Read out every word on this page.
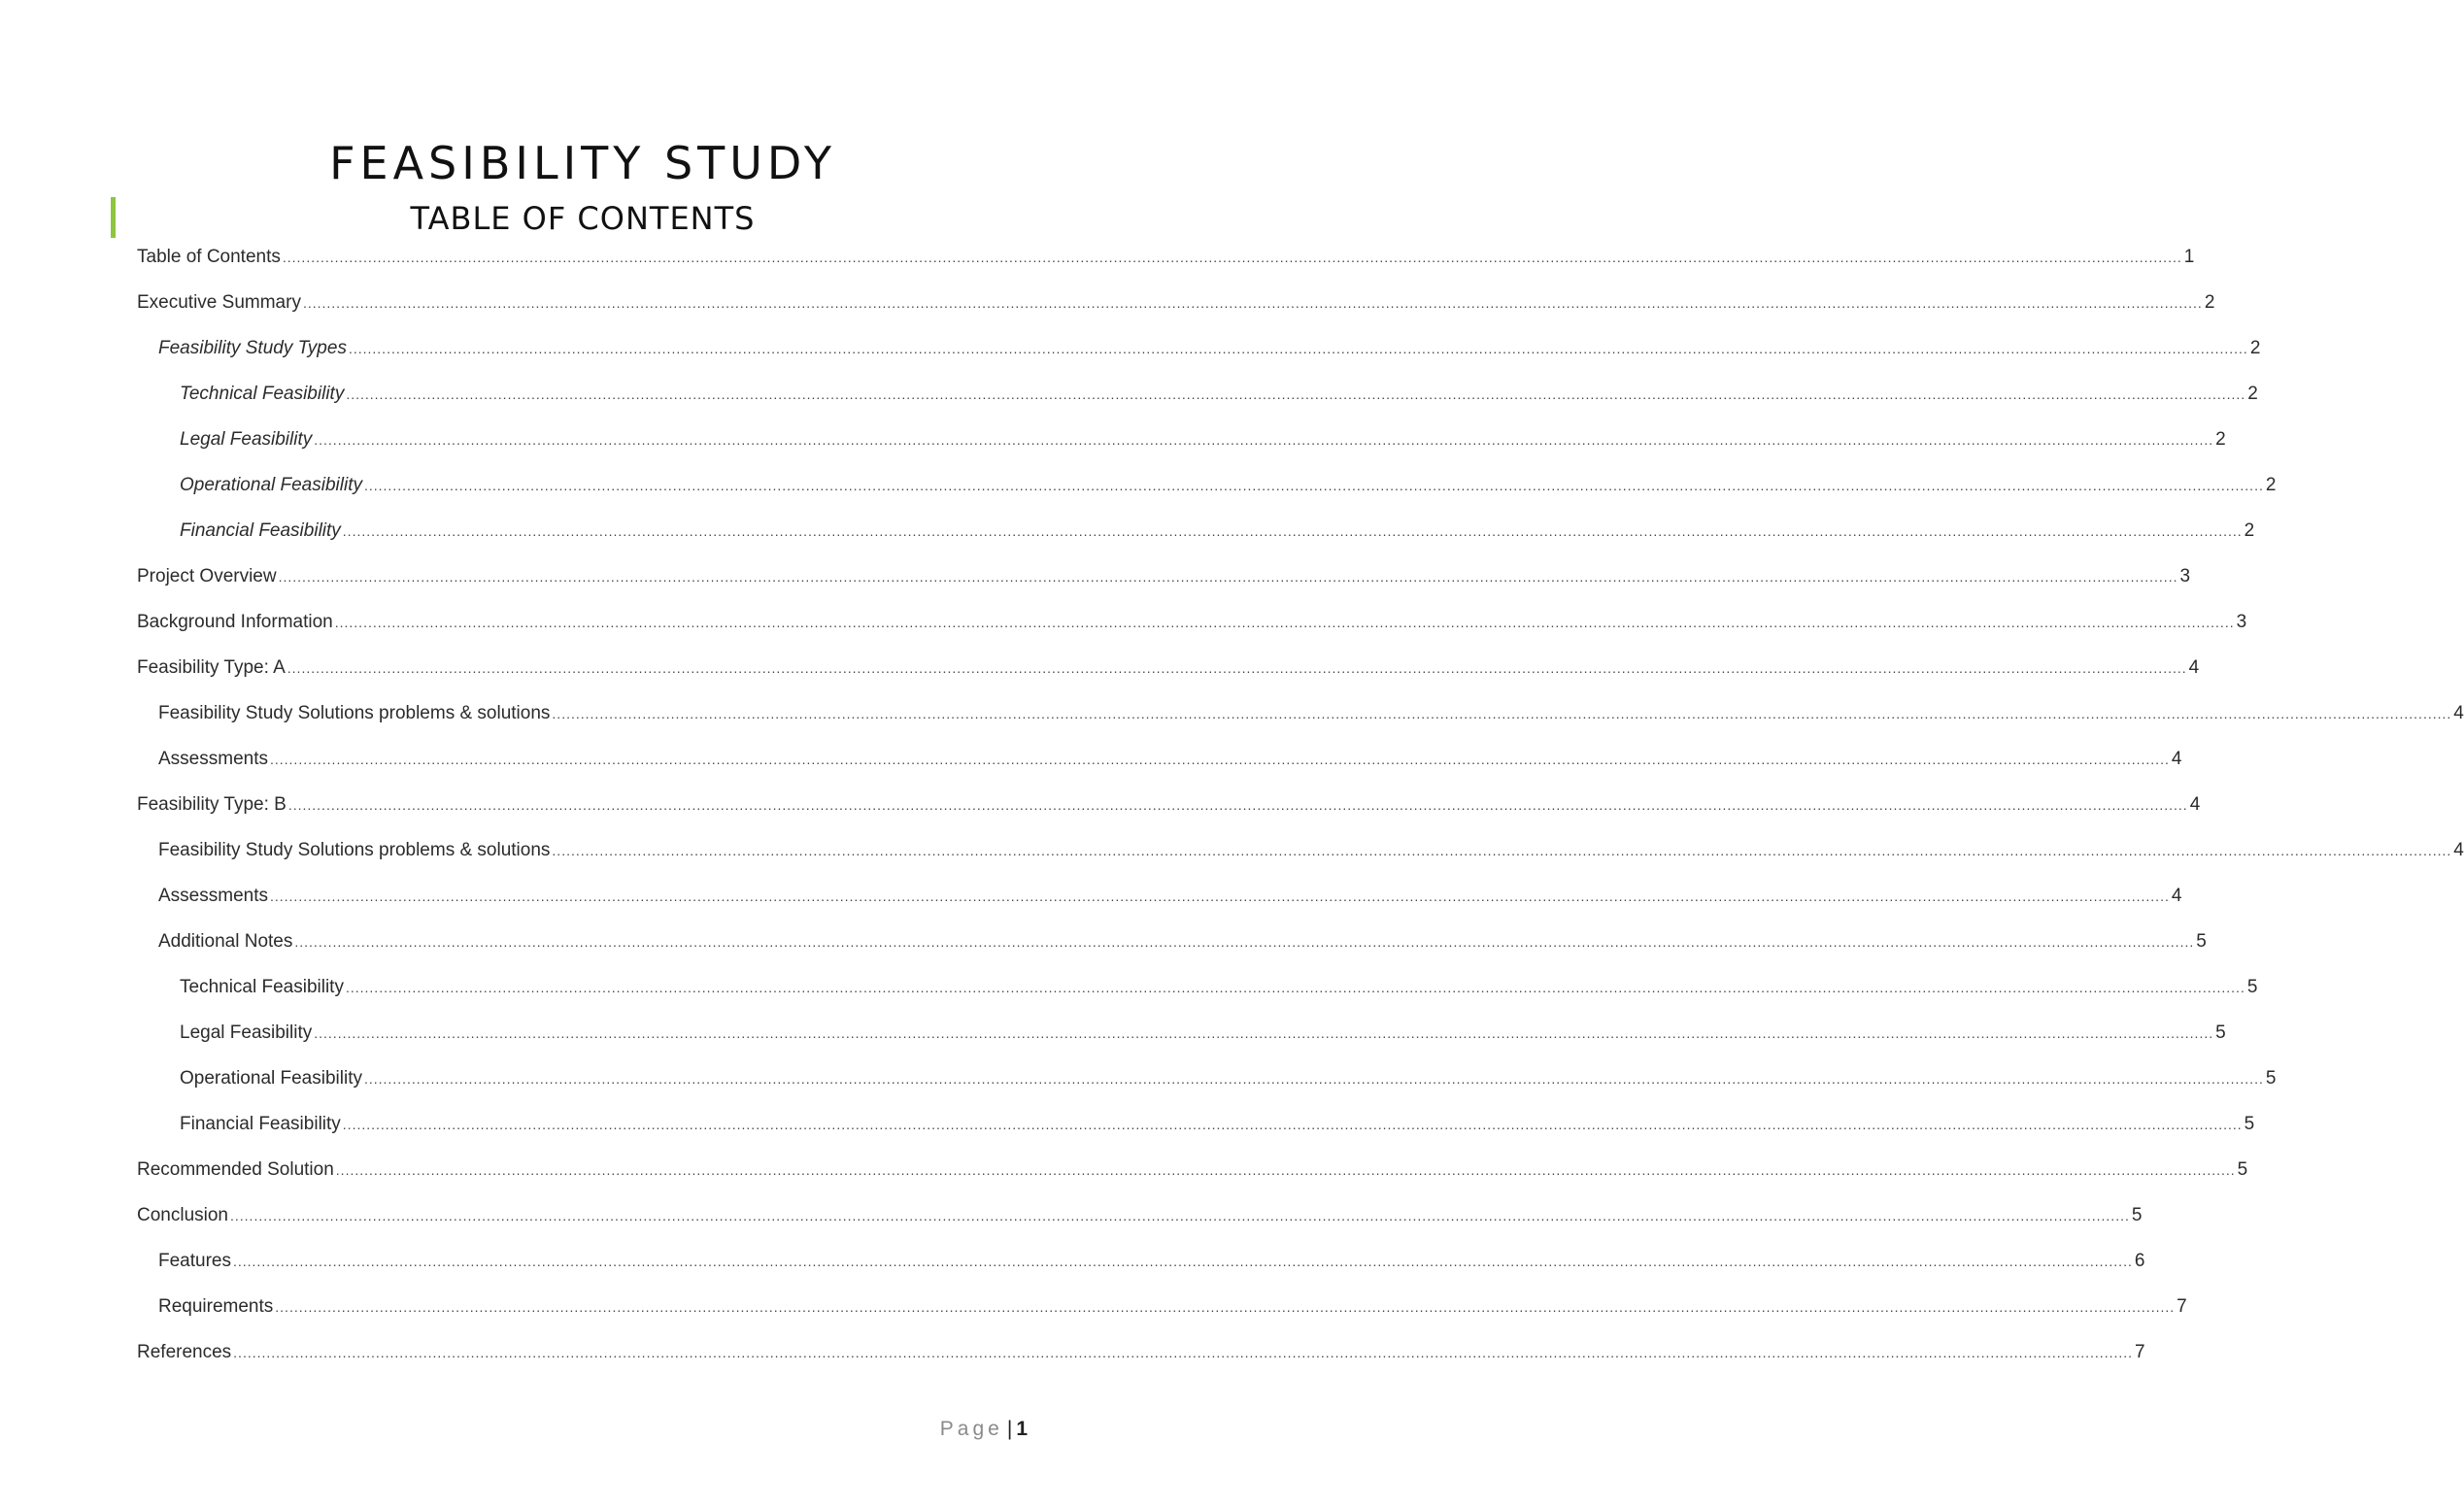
FEASIBILITY STUDY
TABLE OF CONTENTS
Table of Contents ................................................................................................................................................................................................................................................................................................................................................................................................................ 1
Executive Summary ................................................................................................................................................................................................................................................................................................................................................................................................................ 2
Feasibility Study Types ................................................................................................................................................................................................................................................................................................................................................................................................................ 2
Technical Feasibility ................................................................................................................................................................................................................................................................................................................................................................................................................ 2
Legal Feasibility ................................................................................................................................................................................................................................................................................................................................................................................................................ 2
Operational Feasibility ................................................................................................................................................................................................................................................................................................................................................................................................................ 2
Financial Feasibility ................................................................................................................................................................................................................................................................................................................................................................................................................ 2
Project Overview ................................................................................................................................................................................................................................................................................................................................................................................................................ 3
Background Information ................................................................................................................................................................................................................................................................................................................................................................................................................ 3
Feasibility Type: A ................................................................................................................................................................................................................................................................................................................................................................................................................ 4
Feasibility Study Solutions problems & solutions ................................................................................................................................................................................................................................................................................................................................................................................................................ 4
Assessments ................................................................................................................................................................................................................................................................................................................................................................................................................ 4
Feasibility Type: B ................................................................................................................................................................................................................................................................................................................................................................................................................ 4
Feasibility Study Solutions problems & solutions ................................................................................................................................................................................................................................................................................................................................................................................................................ 4
Assessments ................................................................................................................................................................................................................................................................................................................................................................................................................ 4
Additional Notes ................................................................................................................................................................................................................................................................................................................................................................................................................ 5
Technical Feasibility ................................................................................................................................................................................................................................................................................................................................................................................................................ 5
Legal Feasibility ................................................................................................................................................................................................................................................................................................................................................................................................................ 5
Operational Feasibility ................................................................................................................................................................................................................................................................................................................................................................................................................ 5
Financial Feasibility ................................................................................................................................................................................................................................................................................................................................................................................................................ 5
Recommended Solution ................................................................................................................................................................................................................................................................................................................................................................................................................ 5
Conclusion ................................................................................................................................................................................................................................................................................................................................................................................................................ 5
Features ................................................................................................................................................................................................................................................................................................................................................................................................................ 6
Requirements ................................................................................................................................................................................................................................................................................................................................................................................................................ 7
References ................................................................................................................................................................................................................................................................................................................................................................................................................ 7
Page | 1
